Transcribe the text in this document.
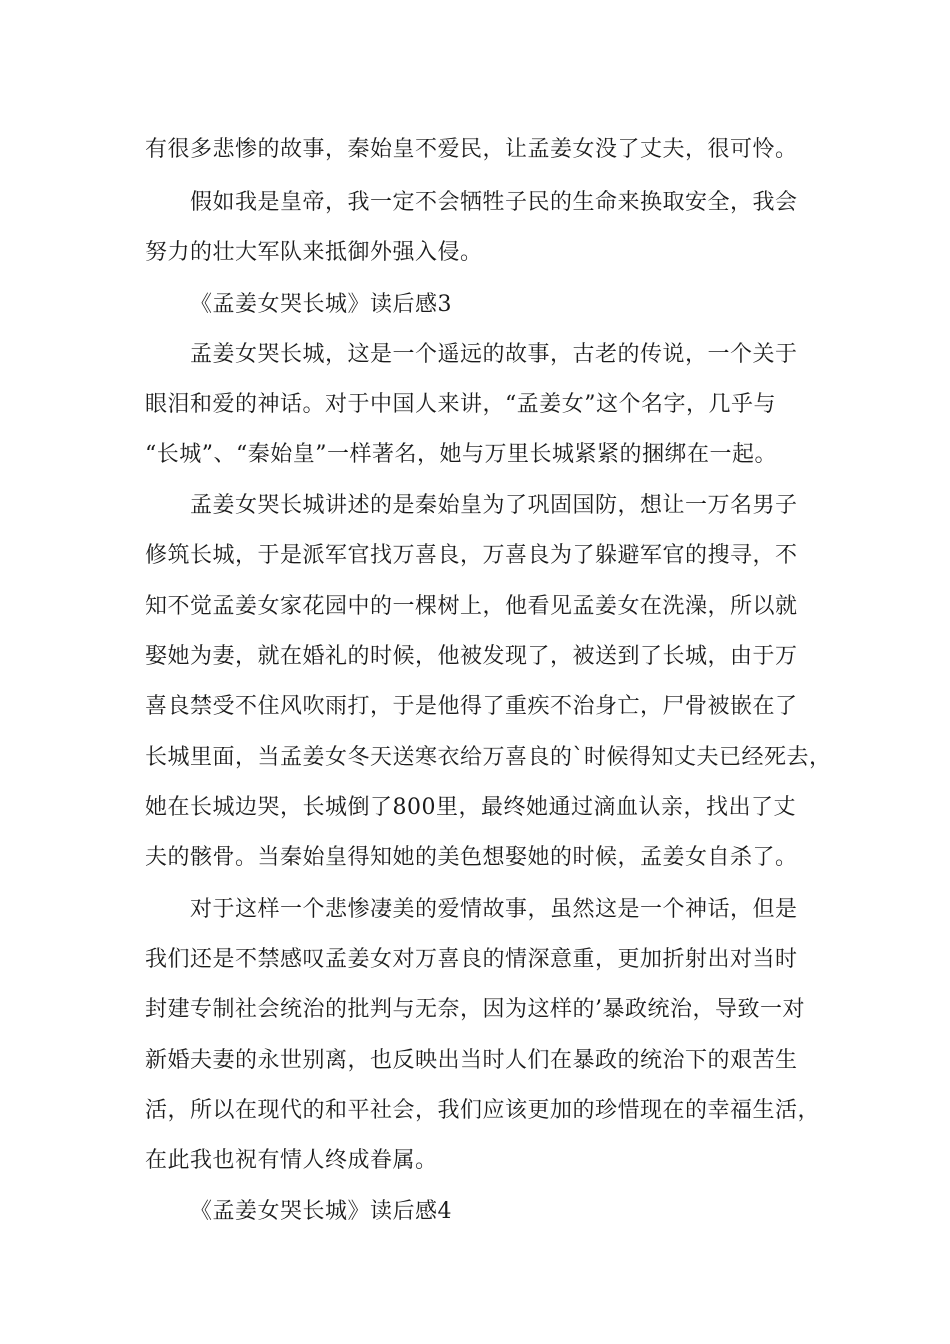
有很多悲惨的故事，秦始皇不爱民，让孟姜女没了丈夫，很可怜。
假如我是皇帝，我一定不会牺牲子民的生命来换取安全，我会
努力的壮大军队来抵御外强入侵。
《孟姜女哭长城》读后感3
孟姜女哭长城，这是一个遥远的故事，古老的传说，一个关于
眼泪和爱的神话。对于中国人来讲，“孟姜女”这个名字，几乎与
“长城”、“秦始皇”一样著名，她与万里长城紧紧的捆绑在一起。
孟姜女哭长城讲述的是秦始皇为了巩固国防，想让一万名男子
修筑长城，于是派军官找万喜良，万喜良为了躲避军官的搜寻，不
知不觉孟姜女家花园中的一棵树上，他看见孟姜女在洗澡，所以就
娶她为妻，就在婚礼的时候，他被发现了，被送到了长城，由于万
喜良禁受不住风吹雨打，于是他得了重疾不治身亡，尸骨被嵌在了
长城里面，当孟姜女冬天送寒衣给万喜良的`时候得知丈夫已经死去，
她在长城边哭，长城倒了800里，最终她通过滴血认亲，找出了丈
夫的骸骨。当秦始皇得知她的美色想娶她的时候，孟姜女自杀了。
对于这样一个悲惨凄美的爱情故事，虽然这是一个神话，但是
我们还是不禁感叹孟姜女对万喜良的情深意重，更加折射出对当时
封建专制社会统治的批判与无奈，因为这样的’暴政统治，导致一对
新婚夫妻的永世别离，也反映出当时人们在暴政的统治下的艰苦生
活，所以在现代的和平社会，我们应该更加的珍惜现在的幸福生活，
在此我也祝有情人终成眷属。
《孟姜女哭长城》读后感4
